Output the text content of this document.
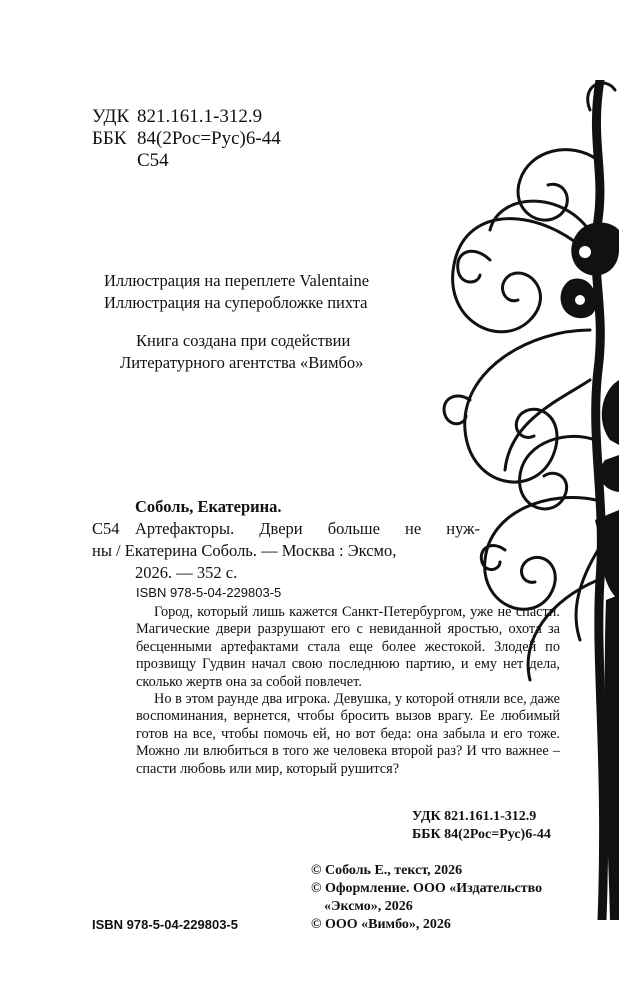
УДК 821.161.1-312.9
ББК 84(2Рос=Рус)6-44
С54
Иллюстрация на переплете Valentaine
Иллюстрация на суперобложке пихта
Книга создана при содействии
Литературного агентства «Вимбо»
Соболь, Екатерина.
С54 Артефакторы. Двери больше не нуж-
ны / Екатерина Соболь. — Москва : Эксмо,
2026. — 352 с.
ISBN 978-5-04-229803-5

Город, который лишь кажется Санкт-Петербургом, уже не спасти. Магические двери разрушают его с невиданной яростью, охота за бесценными артефактами стала еще более жестокой. Злодей по прозвищу Гудвин начал свою последнюю партию, и ему нет дела, сколько жертв она за собой повлечет.

Но в этом раунде два игрока. Девушка, у которой отняли все, даже воспоминания, вернется, чтобы бросить вызов врагу. Ее любимый готов на все, чтобы помочь ей, но вот беда: она забыла и его тоже. Можно ли влюбиться в того же человека второй раз? И что важнее – спасти любовь или мир, который рушится?

УДК 821.161.1-312.9
ББК 84(2Рос=Рус)6-44
© Соболь Е., текст, 2026
© Оформление. ООО «Издательство
«Эксмо», 2026
© ООО «Вимбо», 2026
ISBN 978-5-04-229803-5
